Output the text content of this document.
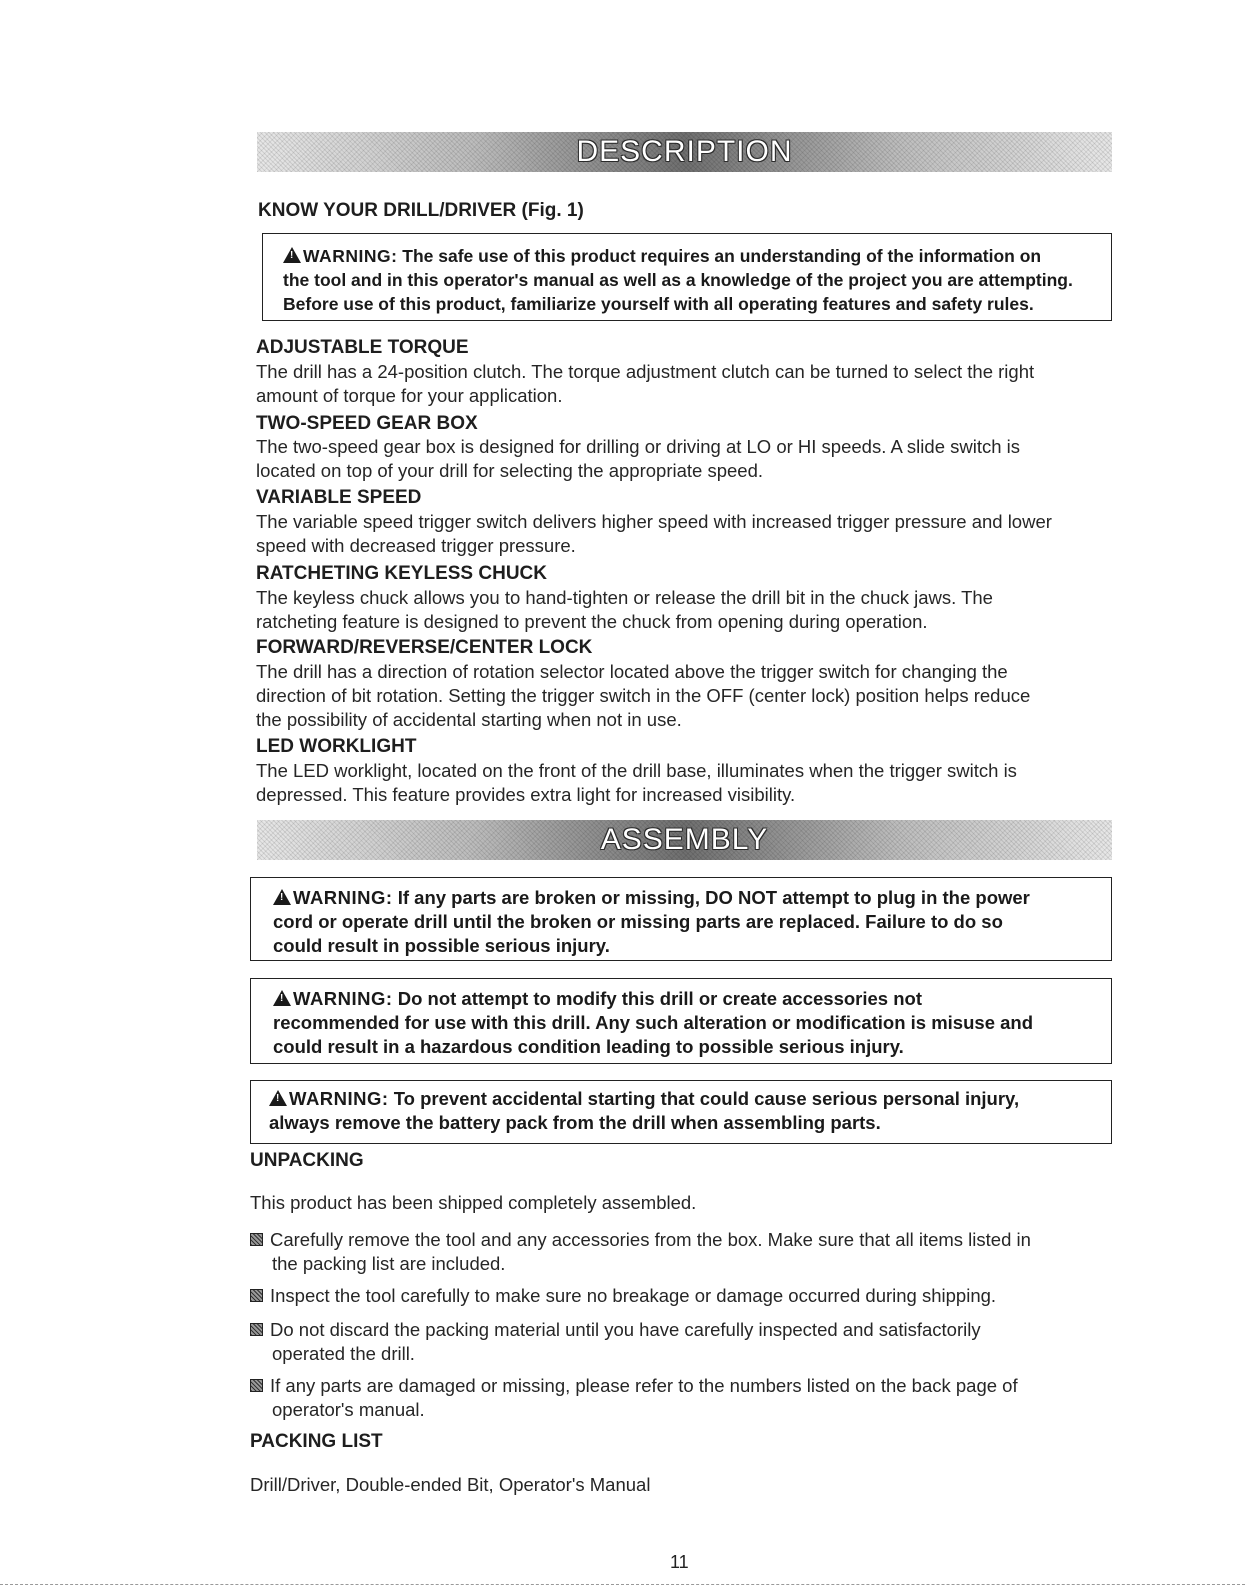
DESCRIPTION
KNOW YOUR DRILL/DRIVER (Fig. 1)
!WARNING: The safe use of this product requires an understanding of the information on
the tool and in this operator's manual as well as a knowledge of the project you are attempting.
Before use of this product, familiarize yourself with all operating features and safety rules.
ADJUSTABLE TORQUE
The drill has a 24-position clutch. The torque adjustment clutch can be turned to select the right
amount of torque for your application.
TWO-SPEED GEAR BOX
The two-speed gear box is designed for drilling or driving at LO or HI speeds. A slide switch is
located on top of your drill for selecting the appropriate speed.
VARIABLE SPEED
The variable speed trigger switch delivers higher speed with increased trigger pressure and lower
speed with decreased trigger pressure.
RATCHETING KEYLESS CHUCK
The keyless chuck allows you to hand-tighten or release the drill bit in the chuck jaws. The
ratcheting feature is designed to prevent the chuck from opening during operation.
FORWARD/REVERSE/CENTER LOCK
The drill has a direction of rotation selector located above the trigger switch for changing the
direction of bit rotation. Setting the trigger switch in the OFF (center lock) position helps reduce
the possibility of accidental starting when not in use.
LED WORKLIGHT
The LED worklight, located on the front of the drill base, illuminates when the trigger switch is
depressed. This feature provides extra light for increased visibility.
ASSEMBLY
!WARNING: If any parts are broken or missing, DO NOT attempt to plug in the power
cord or operate drill until the broken or missing parts are replaced. Failure to do so
could result in possible serious injury.
!WARNING: Do not attempt to modify this drill or create accessories not
recommended for use with this drill. Any such alteration or modification is misuse and
could result in a hazardous condition leading to possible serious injury.
!WARNING: To prevent accidental starting that could cause serious personal injury,
always remove the battery pack from the drill when assembling parts.
UNPACKING
This product has been shipped completely assembled.
Carefully remove the tool and any accessories from the box. Make sure that all items listed in
the packing list are included.
Inspect the tool carefully to make sure no breakage or damage occurred during shipping.
Do not discard the packing material until you have carefully inspected and satisfactorily
operated the drill.
If any parts are damaged or missing, please refer to the numbers listed on the back page of
operator's manual.
PACKING LIST
Drill/Driver, Double-ended Bit, Operator's Manual
11
